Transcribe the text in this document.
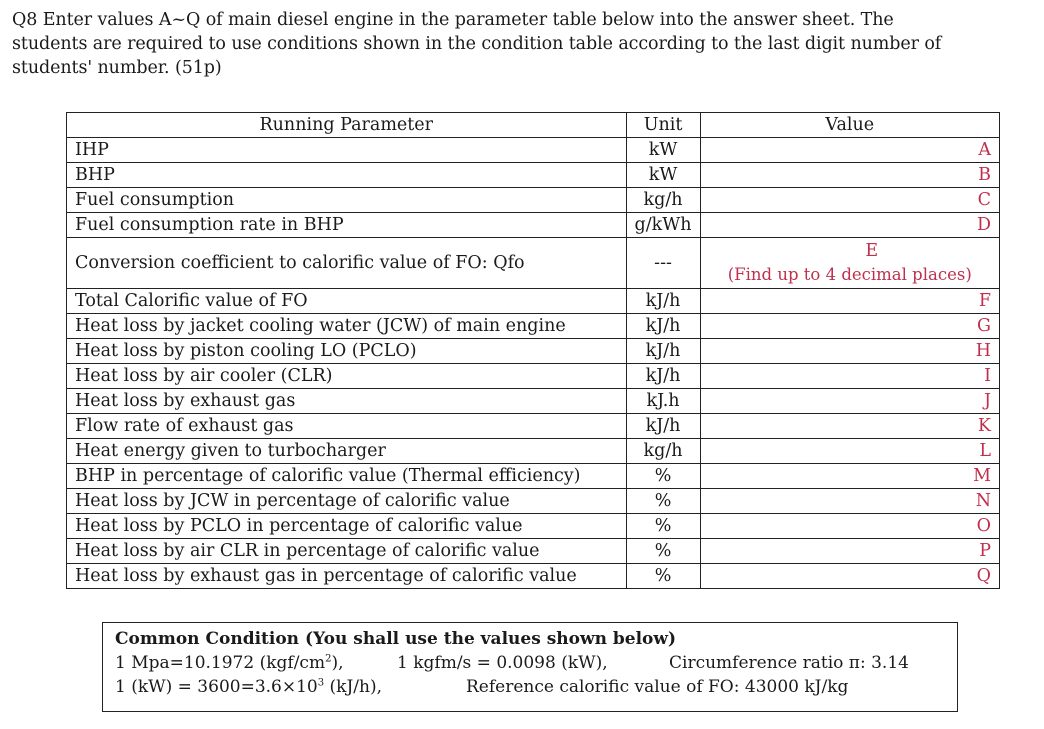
Q8 Enter values A~Q of main diesel engine in the parameter table below into the answer sheet. The
students are required to use conditions shown in the condition table according to the last digit number of
students' number. (51p)
Running Parameter	Unit	Value
IHP	kW	A
BHP	kW	B
Fuel consumption	kg/h	C
Fuel consumption rate in BHP	g/kWh	D
Conversion coefficient to calorific value of FO: Qfo	---	E
(Find up to 4 decimal places)

Total Calorific value of FO	kJ/h	F
Heat loss by jacket cooling water (JCW) of main engine	kJ/h	G
Heat loss by piston cooling LO (PCLO)	kJ/h	H
Heat loss by air cooler (CLR)	kJ/h	I
Heat loss by exhaust gas	kJ.h	J
Flow rate of exhaust gas	kJ/h	K
Heat energy given to turbocharger	kg/h	L
BHP in percentage of calorific value (Thermal efficiency)	%	M
Heat loss by JCW in percentage of calorific value	%	N
Heat loss by PCLO in percentage of calorific value	%	O
Heat loss by air CLR in percentage of calorific value	%	P
Heat loss by exhaust gas in percentage of calorific value	%	Q
Common Condition (You shall use the values shown below)
1 Mpa=10.1972 $(kgf/cm^2)$,	1 kgfm/s = 0.0098 (kW),	Circumference ratio π: 3.14
1 $(kW) = 3600=3.6\times 10^3$ (kJ/h),	Reference calorific value of FO: 43000 kJ/kg
